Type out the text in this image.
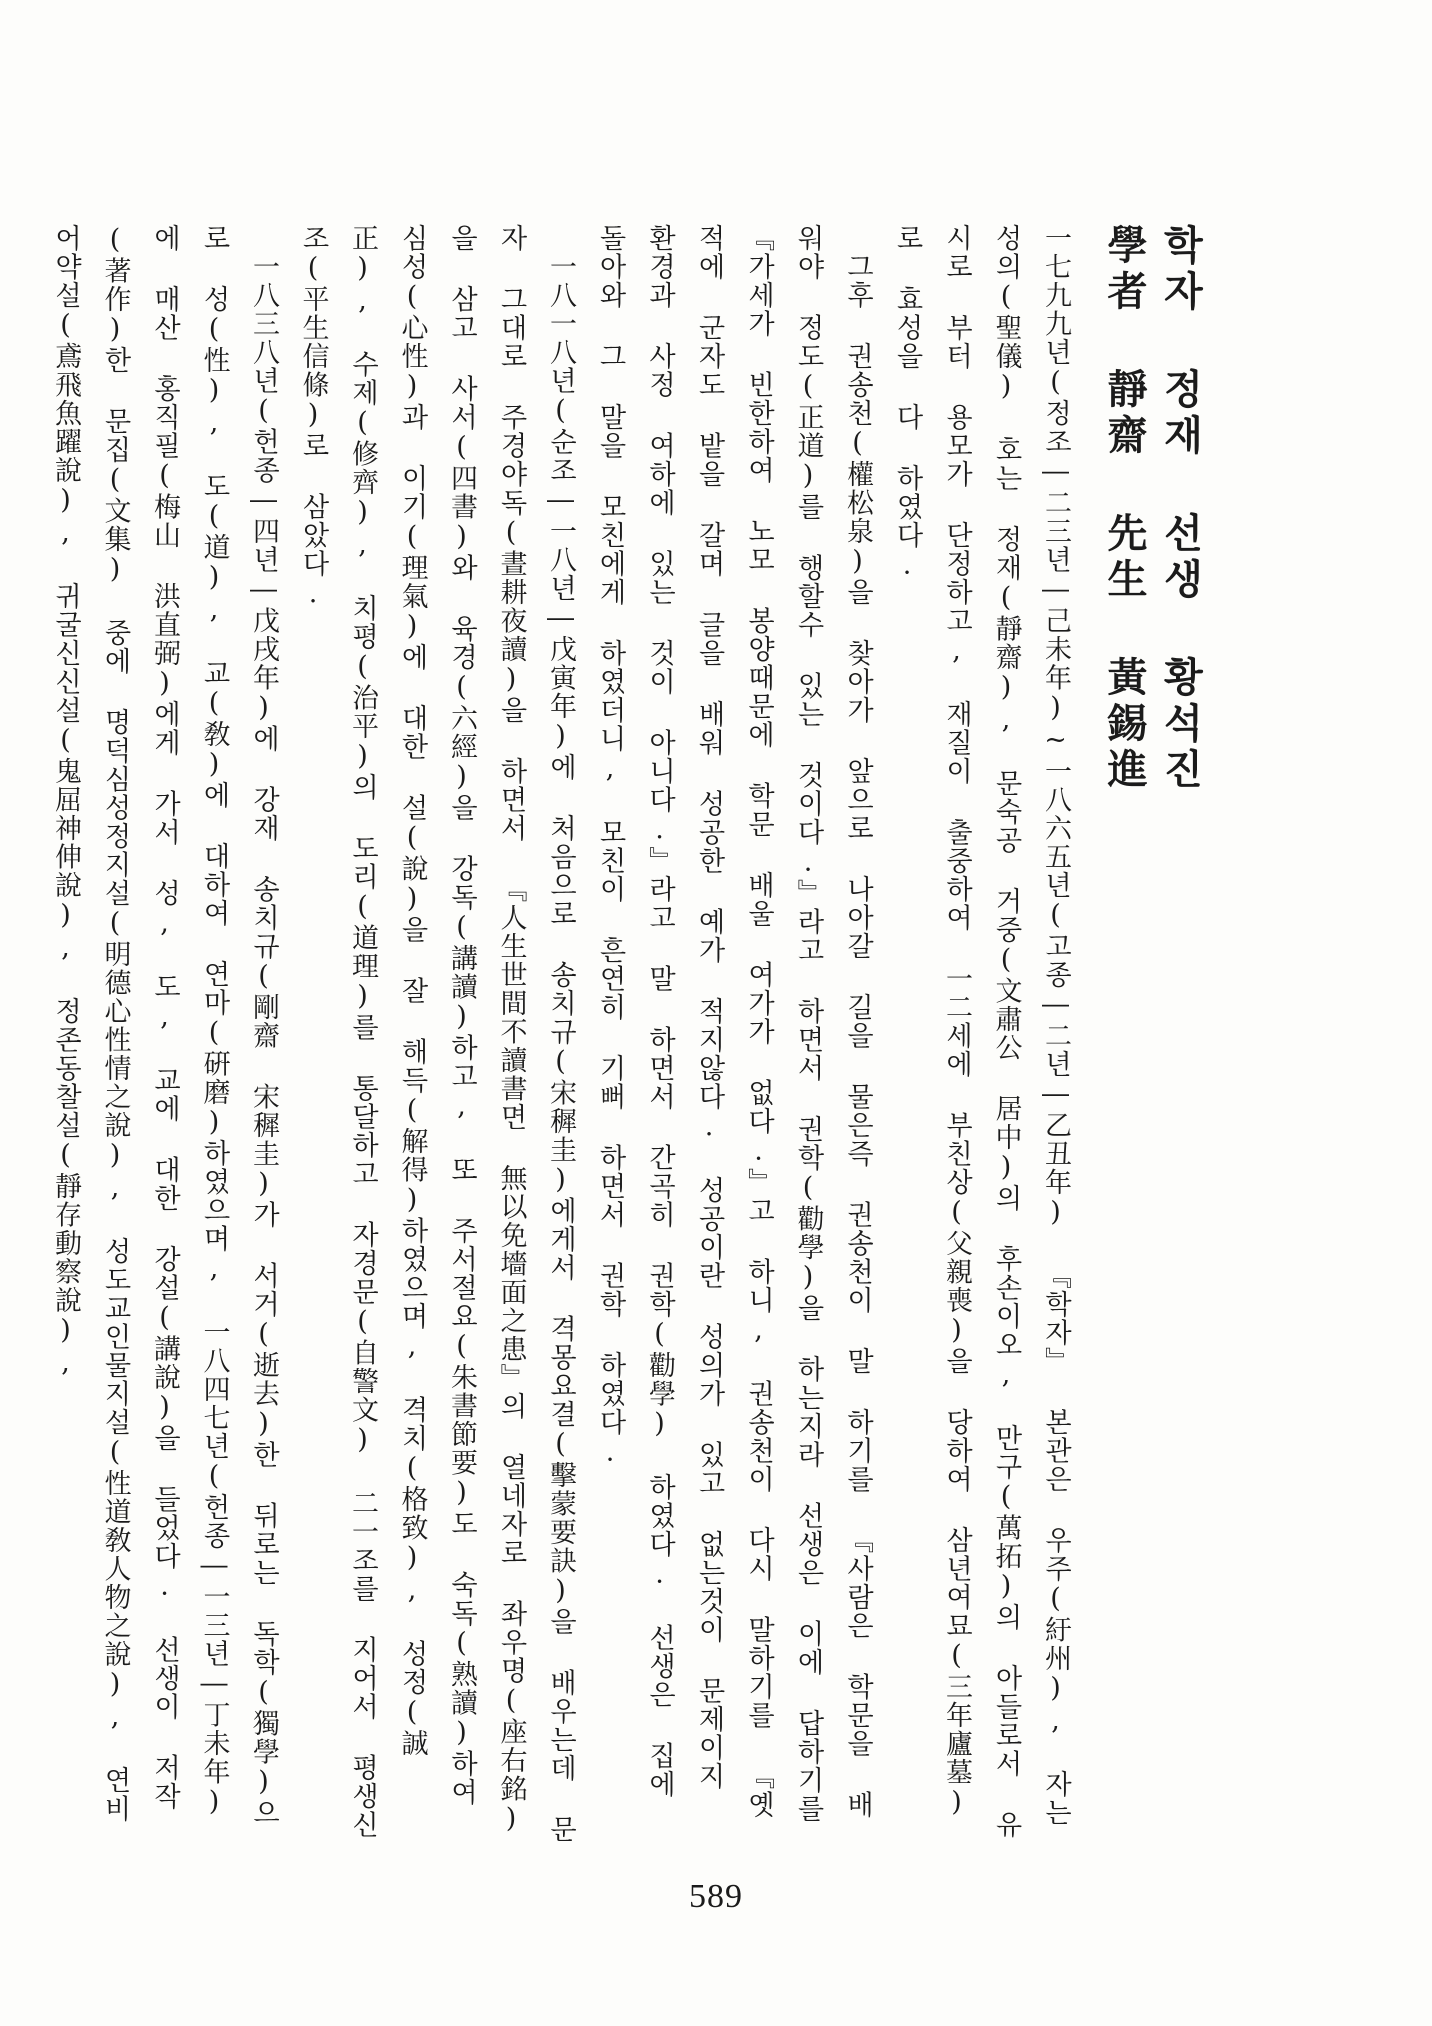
학자 정재 선생 황석진
學者 靜齋 先生 黃錫進
一七九九년(정조―二三년―己未年)~一八六五년(고종―二년―乙丑年) 『학자』 본관은 우주(紆州), 자는 성의(聖儀) 호는 정재(靜齋), 문숙공 거중(文肅公 居中)의 후손이오, 만구(萬拓)의 아들로서 유시로 부터 용모가 단정하고, 재질이 출중하여 一二세에 부친상(父親喪)을 당하여 삼년여묘(三年廬墓)로 효성을 다 하였다.
그후 권송천(權松泉)을 찾아가 앞으로 나아갈 길을 물은즉 권송천이 말 하기를 『사람은 학문을 배워야 정도(正道)를 행할수 있는 것이다.』라고 하면서 권학(勸學)을 하는지라 선생은 이에 답하기를 『가세가 빈한하여 노모 봉양때문에 학문 배울 여가가 없다.』고 하니, 권송천이 다시 말하기를 『옛적에 군자도 밭을 갈며 글을 배워 성공한 예가 적지않다. 성공이란 성의가 있고 없는것이 문제이지 환경과 사정 여하에 있는 것이 아니다.』라고 말 하면서 간곡히 권학(勸學) 하였다. 선생은 집에 돌아와 그 말을 모친에게 하였더니, 모친이 흔연히 기뻐 하면서 권학 하였다.
一八一八년(순조―一八년―戊寅年)에 처음으로 송치규(宋穉圭)에게서 격몽요결(擊蒙要訣)을 배우는데 문자 그대로 주경야독(晝耕夜讀)을 하면서 『人生世間不讀書면 無以免墻面之患』의 열네자로 좌우명(座右銘)을 삼고 사서(四書)와 육경(六經)을 강독(講讀)하고, 또 주서절요(朱書節要)도 숙독(熟讀)하여 심성(心性)과 이기(理氣)에 대한 설(說)을 잘 해득(解得)하였으며, 격치(格致), 성정(誠正), 수제(修齊), 치평(治平)의 도리(道理)를 통달하고 자경문(自警文) 二一조를 지어서 평생신조(平生信條)로 삼았다.
一八三八년(헌종―四년―戊戌年)에 강재 송치규(剛齋 宋穉圭)가 서거(逝去)한 뒤로는 독학(獨學)으로 성(性), 도(道), 교(敎)에 대하여 연마(硏磨)하였으며, 一八四七년(헌종―一三년―丁未年)에 매산 홍직필(梅山 洪直弼)에게 가서 성, 도, 교에 대한 강설(講說)을 들었다. 선생이 저작(著作)한 문집(文集) 중에 명덕심성정지설(明德心性情之說), 성도교인물지설(性道敎人物之說), 연비어약설(鳶飛魚躍說), 귀굴신신설(鬼屈神伸說), 정존동찰설(靜存動察說),
589
